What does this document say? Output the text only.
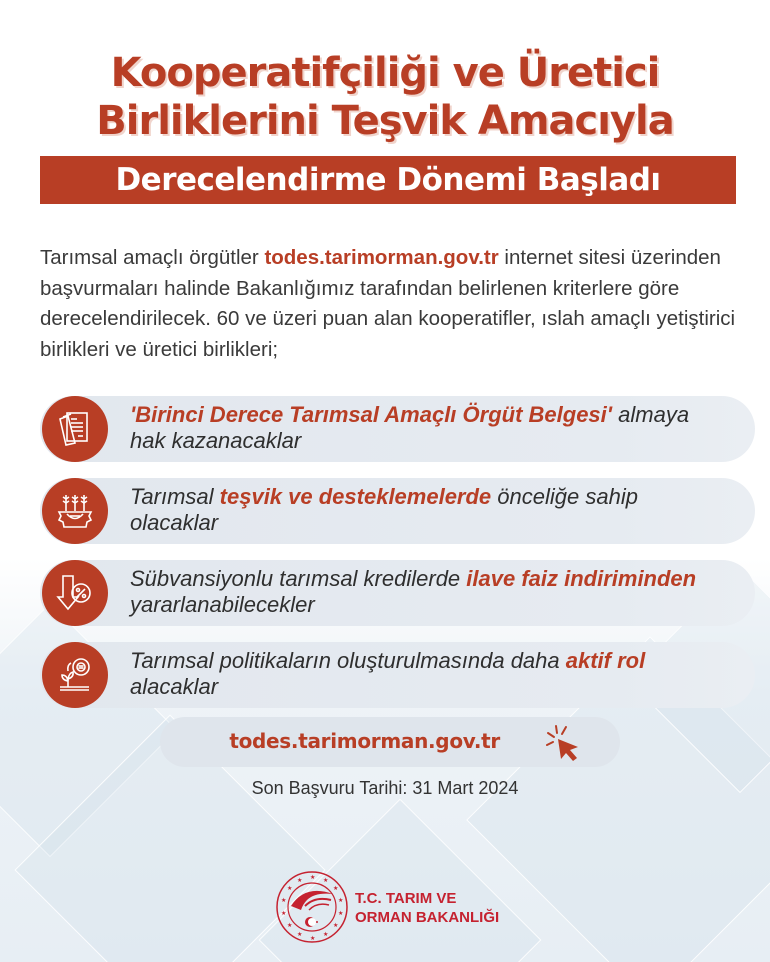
Kooperatifçiliği ve Üretici
Birliklerini Teşvik Amacıyla
Derecelendirme Dönemi Başladı

Tarımsal amaçlı örgütler todes.tarimorman.gov.tr internet sitesi üzerinden başvurmaları halinde Bakanlığımız tarafından belirlenen kriterlere göre derecelendirilecek. 60 ve üzeri puan alan kooperatifler, ıslah amaçlı yetiştirici birlikleri ve üretici birlikleri;

'Birinci Derece Tarımsal Amaçlı Örgüt Belgesi' almaya hak kazanacaklar
Tarımsal teşvik ve desteklemelerde önceliğe sahip olacaklar
Sübvansiyonlu tarımsal kredilerde ilave faiz indiriminden yararlanabilecekler
Tarımsal politikaların oluşturulmasında daha aktif rol alacaklar
todes.tarimorman.gov.tr
Son Başvuru Tarihi: 31 Mart 2024
★ ★
★
★
★
★
★
★
★
★
★
★
★
★
T.C. TARIM VE
ORMAN BAKANLIĞI
